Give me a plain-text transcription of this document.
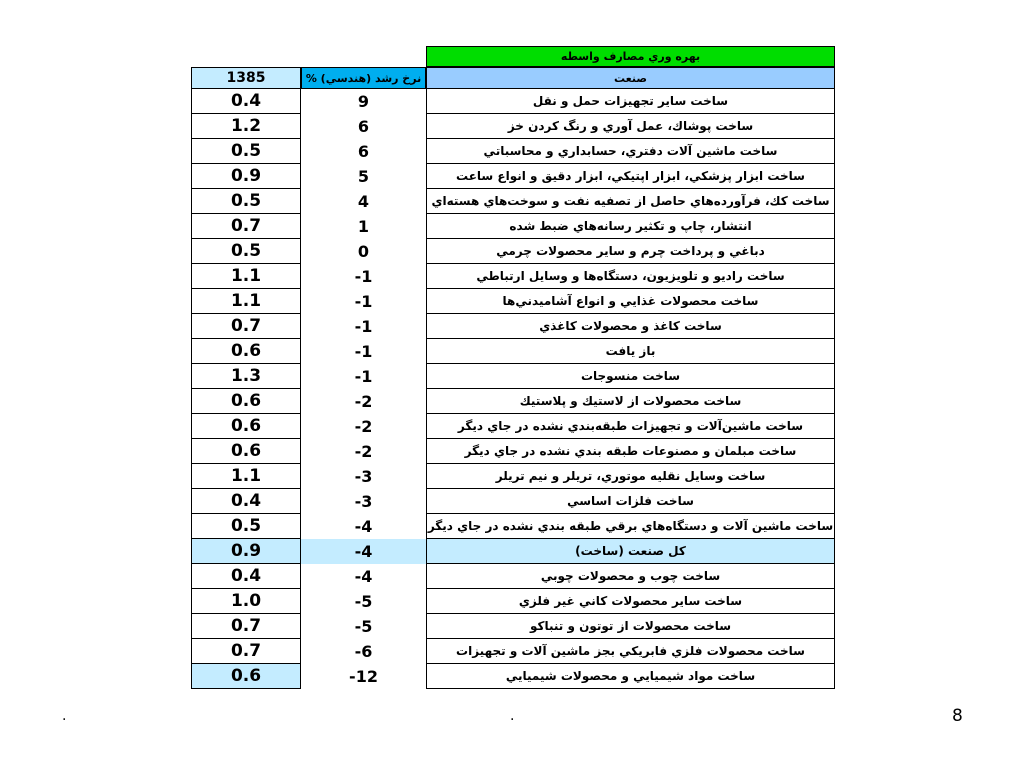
بهره وري مصارف واسطه
1385	نرخ رشد (هندسي) %	صنعت
0.4	9	ساخت ساير تجهيزات حمل و نقل
1.2	6	ساخت پوشاك، عمل آوري و رنگ كردن خز
0.5	6	ساخت ماشين آلات دفتري، حسابداري و محاسباتي
0.9	5	ساخت ابزار پزشكي، ابزار اپتيكي، ابزار دقيق و انواع ساعت
0.5	4	ساخت كك، فرآورده‌هاي حاصل از تصفيه نفت و سوخت‌هاي هسته‌اي
0.7	1	انتشار، چاپ و تكثير رسانه‌هاي ضبط شده
0.5	0	دباغي و پرداخت چرم و ساير محصولات چرمي
1.1	-1	ساخت راديو و تلويزيون، دستگاه‌ها و وسايل ارتباطي
1.1	-1	ساخت محصولات غذايي و انواع آشاميدني‌ها
0.7	-1	ساخت كاغذ و محصولات كاغذي
0.6	-1	باز يافت
1.3	-1	ساخت منسوجات
0.6	-2	ساخت محصولات از لاستيك و پلاستيك
0.6	-2	ساخت ماشين‌آلات و تجهيزات طبقه‌بندي نشده در جاي ديگر
0.6	-2	ساخت مبلمان و مصنوعات طبقه بندي نشده در جاي ديگر
1.1	-3	ساخت وسايل نقليه موتوري، تريلر و نيم تريلر
0.4	-3	ساخت فلزات اساسي
0.5	-4	ساخت ماشين آلات و دستگاه‌هاي برقي طبقه بندي نشده در جاي ديگر
0.9	-4	كل صنعت (ساخت)
0.4	-4	ساخت چوب و محصولات چوبي
1.0	-5	ساخت ساير محصولات كاني غير فلزي
0.7	-5	ساخت محصولات از توتون و تنباكو
0.7	-6	ساخت محصولات فلزي فابريكي بجز ماشين آلات و تجهيزات
0.6	-12	ساخت مواد شيميايي و محصولات شيميايي
.	.	8
